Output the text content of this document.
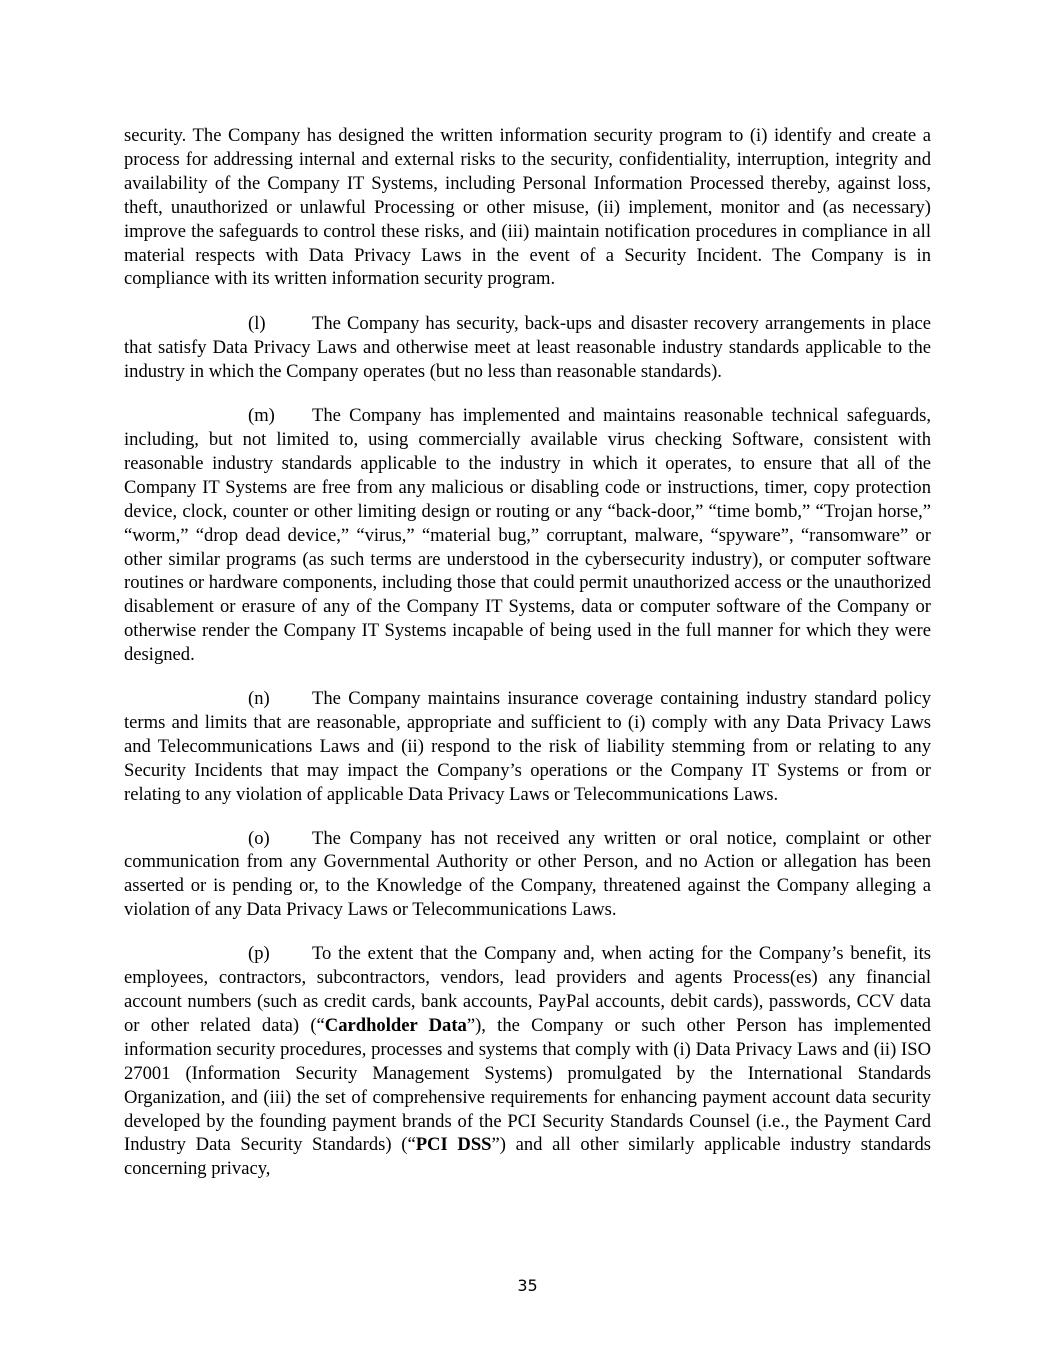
security. The Company has designed the written information security program to (i) identify and create a process for addressing internal and external risks to the security, confidentiality, interruption, integrity and availability of the Company IT Systems, including Personal Information Processed thereby, against loss, theft, unauthorized or unlawful Processing or other misuse, (ii) implement, monitor and (as necessary) improve the safeguards to control these risks, and (iii) maintain notification procedures in compliance in all material respects with Data Privacy Laws in the event of a Security Incident. The Company is in compliance with its written information security program.

(l) The Company has security, back-ups and disaster recovery arrangements in place that satisfy Data Privacy Laws and otherwise meet at least reasonable industry standards applicable to the industry in which the Company operates (but no less than reasonable standards).

(m) The Company has implemented and maintains reasonable technical safeguards, including, but not limited to, using commercially available virus checking Software, consistent with reasonable industry standards applicable to the industry in which it operates, to ensure that all of the Company IT Systems are free from any malicious or disabling code or instructions, timer, copy protection device, clock, counter or other limiting design or routing or any “back-door,” “time bomb,” “Trojan horse,” “worm,” “drop dead device,” “virus,” “material bug,” corruptant, malware, “spyware”, “ransomware” or other similar programs (as such terms are understood in the cybersecurity industry), or computer software routines or hardware components, including those that could permit unauthorized access or the unauthorized disablement or erasure of any of the Company IT Systems, data or computer software of the Company or otherwise render the Company IT Systems incapable of being used in the full manner for which they were designed.

(n) The Company maintains insurance coverage containing industry standard policy terms and limits that are reasonable, appropriate and sufficient to (i) comply with any Data Privacy Laws and Telecommunications Laws and (ii) respond to the risk of liability stemming from or relating to any Security Incidents that may impact the Company’s operations or the Company IT Systems or from or relating to any violation of applicable Data Privacy Laws or Telecommunications Laws.

(o) The Company has not received any written or oral notice, complaint or other communication from any Governmental Authority or other Person, and no Action or allegation has been asserted or is pending or, to the Knowledge of the Company, threatened against the Company alleging a violation of any Data Privacy Laws or Telecommunications Laws.

(p) To the extent that the Company and, when acting for the Company’s benefit, its employees, contractors, subcontractors, vendors, lead providers and agents Process(es) any financial account numbers (such as credit cards, bank accounts, PayPal accounts, debit cards), passwords, CCV data or other related data) (“Cardholder Data”), the Company or such other Person has implemented information security procedures, processes and systems that comply with (i) Data Privacy Laws and (ii) ISO 27001 (Information Security Management Systems) promulgated by the International Standards Organization, and (iii) the set of comprehensive requirements for enhancing payment account data security developed by the founding payment brands of the PCI Security Standards Counsel (i.e., the Payment Card Industry Data Security Standards) (“PCI DSS”) and all other similarly applicable industry standards concerning privacy,

35
